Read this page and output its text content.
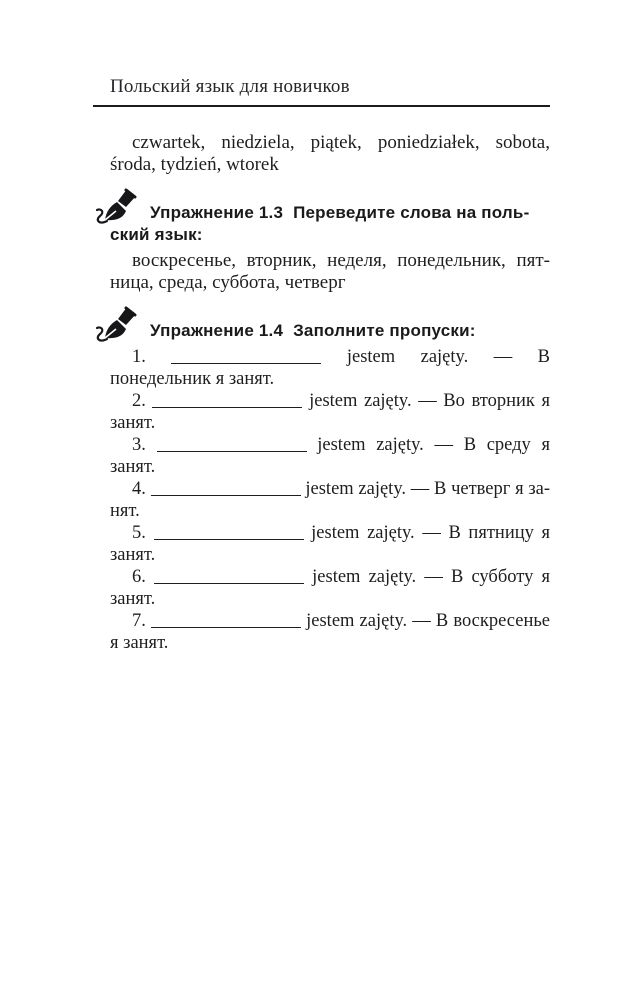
Польский язык для новичков

czwartek, niedziela, piątek, poniedziałek, sobota, środa, tydzień, wtorek

Упражнение 1.3 Переведите слова на польский язык:

воскресенье, вторник, неделя, понедельник, пятница, среда, суббота, четверг

Упражнение 1.4 Заполните пропуски:

1.	jestem zajęty. — В понедельник я занят.

2.	jestem zajęty. — Во вторник я занят.

3.	jestem zajęty. — В среду я занят.

4.	jestem zajęty. — В четверг я занят.

5.	jestem zajęty. — В пятницу я занят.

6.	jestem zajęty. — В субботу я занят.

7.	jestem zajęty. — В воскресенье я занят.
